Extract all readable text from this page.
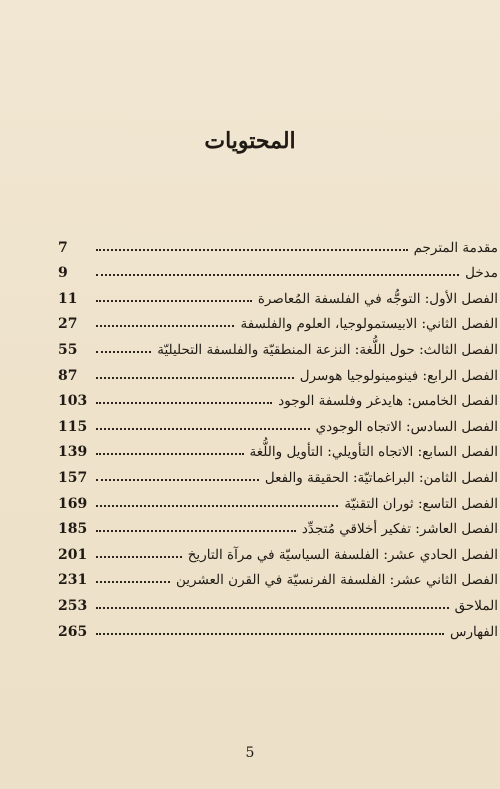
المحتويات
7	مقدمة المترجم
9	مدخل
11	الفصل الأول: التوجُّه في الفلسفة المُعاصرة
27	الفصل الثاني: الابيستمولوجيا، العلوم والفلسفة
55	الفصل الثالث: حول اللُّغة: النزعة المنطقيّة والفلسفة التحليليّة
87	الفصل الرابع: فينومينولوجيا هوسرل
103	الفصل الخامس: هايدغر وفلسفة الوجود
115	الفصل السادس: الاتجاه الوجودي
139	الفصل السابع: الاتجاه التأويلي: التأويل واللُّغة
157	الفصل الثامن: البراغماتيّة: الحقيقة والفعل
169	الفصل التاسع: ثوران التقنيّة
185	الفصل العاشر: تفكير أخلاقي مُتجدِّد
201	الفصل الحادي عشر: الفلسفة السياسيّة في مرآة التاريخ
231	الفصل الثاني عشر: الفلسفة الفرنسيّة في القرن العشرين
253	الملاحق
265	الفهارس
5
